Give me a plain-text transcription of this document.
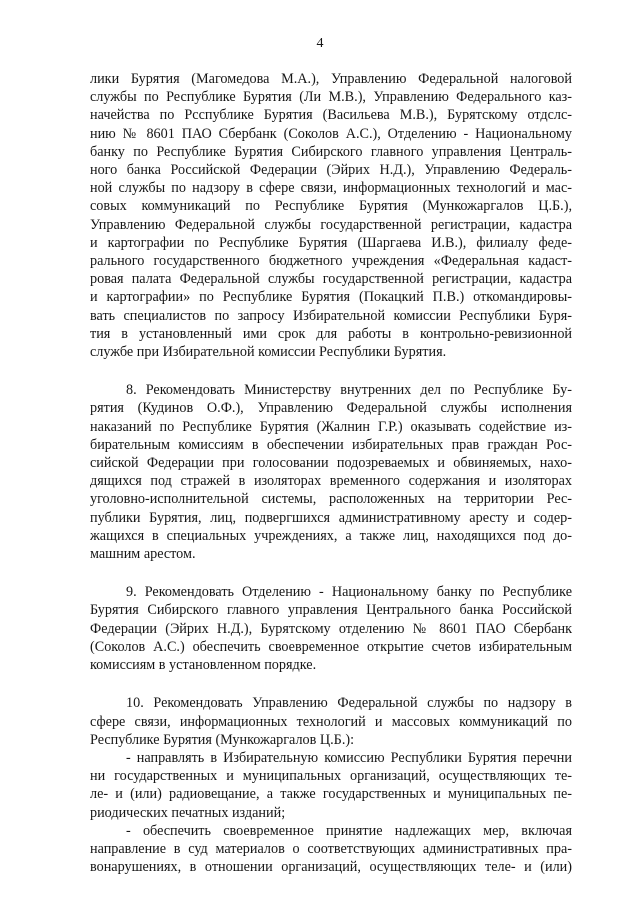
4
лики Бурятия (Магомедова М.А.), Управлению Федеральной налоговой
службы по Республике Бурятия (Ли М.В.), Управлению Федерального каз-
начейства по Рсспублике Бурятия (Васильева М.В.), Бурятскому отдслс-
нию № 8601 ПАО Сбербанк (Соколов А.С.), Отделению - Национальному
банку по Республике Бурятия Сибирского главного управления Централь-
ного банка Российской Федерации (Эйрих Н.Д.), Управлению Федераль-
ной службы по надзору в сфере связи, информационных технологий и мас-
совых коммуникаций по Республике Бурятия (Мункожаргалов Ц.Б.),
Управлению Федеральной службы государственной регистрации, кадастра
и картографии по Республике Бурятия (Шаргаева И.В.), филиалу феде-
рального государственного бюджетного учреждения «Федеральная кадаст-
ровая палата Федеральной службы государственной регистрации, кадастра
и картографии» по Республике Бурятия (Покацкий П.В.) откомандировы-
вать специалистов по запросу Избирательной комиссии Республики Буря-
тия в установленный ими срок для работы в контрольно-ревизионной
службе при Избирательной комиссии Республики Бурятия.
8. Рекомендовать Министерству внутренних дел по Республике Бу-
рятия (Кудинов О.Ф.), Управлению Федеральной службы исполнения
наказаний по Республике Бурятия (Жалнин Г.Р.) оказывать содействие из-
бирательным комиссиям в обеспечении избирательных прав граждан Рос-
сийской Федерации при голосовании подозреваемых и обвиняемых, нахо-
дящихся под стражей в изоляторах временного содержания и изоляторах
уголовно-исполнительной системы, расположенных на территории Рес-
публики Бурятия, лиц, подвергшихся административному аресту и содер-
жащихся в специальных учреждениях, а также лиц, находящихся под до-
машним арестом.
9. Рекомендовать Отделению - Национальному банку по Республике
Бурятия Сибирского главного управления Центрального банка Российской
Федерации (Эйрих Н.Д.), Бурятскому отделению № 8601 ПАО Сбербанк
(Соколов А.С.) обеспечить своевременное открытие счетов избирательным
комиссиям в установленном порядке.
10. Рекомендовать Управлению Федеральной службы по надзору в
сфере связи, информационных технологий и массовых коммуникаций по
Республике Бурятия (Мункожаргалов Ц.Б.):
- направлять в Избирательную комиссию Республики Бурятия перечни
ни государственных и муниципальных организаций, осуществляющих те-
ле- и (или) радиовещание, а также государственных и муниципальных пе-
риодических печатных изданий;
- обеспечить своевременное принятие надлежащих мер, включая
направление в суд материалов о соответствующих административных пра-
вонарушениях, в отношении организаций, осуществляющих теле- и (или)
